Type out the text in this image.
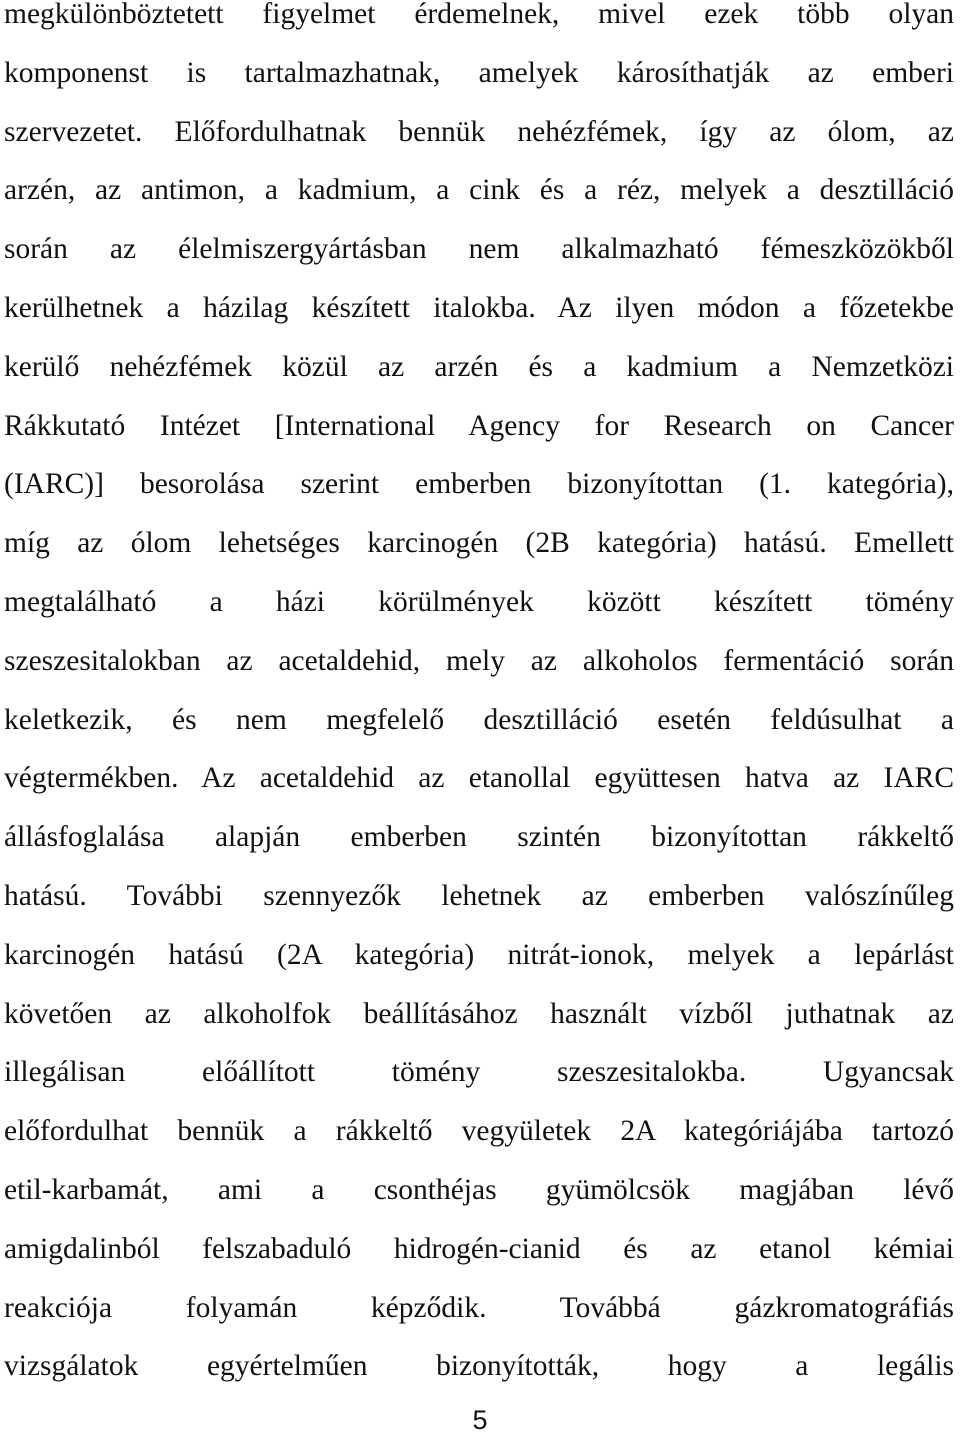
megkülönböztetett figyelmet érdemelnek, mivel ezek több olyan
komponenst is tartalmazhatnak, amelyek károsíthatják az emberi
szervezetet. Előfordulhatnak bennük nehézfémek, így az ólom, az
arzén, az antimon, a kadmium, a cink és a réz, melyek a desztilláció
során az élelmiszergyártásban nem alkalmazható fémeszközökből
kerülhetnek a házilag készített italokba. Az ilyen módon a főzetekbe
kerülő nehézfémek közül az arzén és a kadmium a Nemzetközi
Rákkutató Intézet [International Agency for Research on Cancer
(IARC)] besorolása szerint emberben bizonyítottan (1. kategória),
míg az ólom lehetséges karcinogén (2B kategória) hatású. Emellett
megtalálható a házi körülmények között készített tömény
szeszesitalokban az acetaldehid, mely az alkoholos fermentáció során
keletkezik, és nem megfelelő desztilláció esetén feldúsulhat a
végtermékben. Az acetaldehid az etanollal együttesen hatva az IARC
állásfoglalása alapján emberben szintén bizonyítottan rákkeltő
hatású. További szennyezők lehetnek az emberben valószínűleg
karcinogén hatású (2A kategória) nitrát-ionok, melyek a lepárlást
követően az alkoholfok beállításához használt vízből juthatnak az
illegálisan előállított tömény szeszesitalokba. Ugyancsak
előfordulhat bennük a rákkeltő vegyületek 2A kategóriájába tartozó
etil-karbamát, ami a csonthéjas gyümölcsök magjában lévő
amigdalinból felszabaduló hidrogén-cianid és az etanol kémiai
reakciója folyamán képződik. Továbbá gázkromatográfiás
vizsgálatok egyértelműen bizonyították, hogy a legális
5
